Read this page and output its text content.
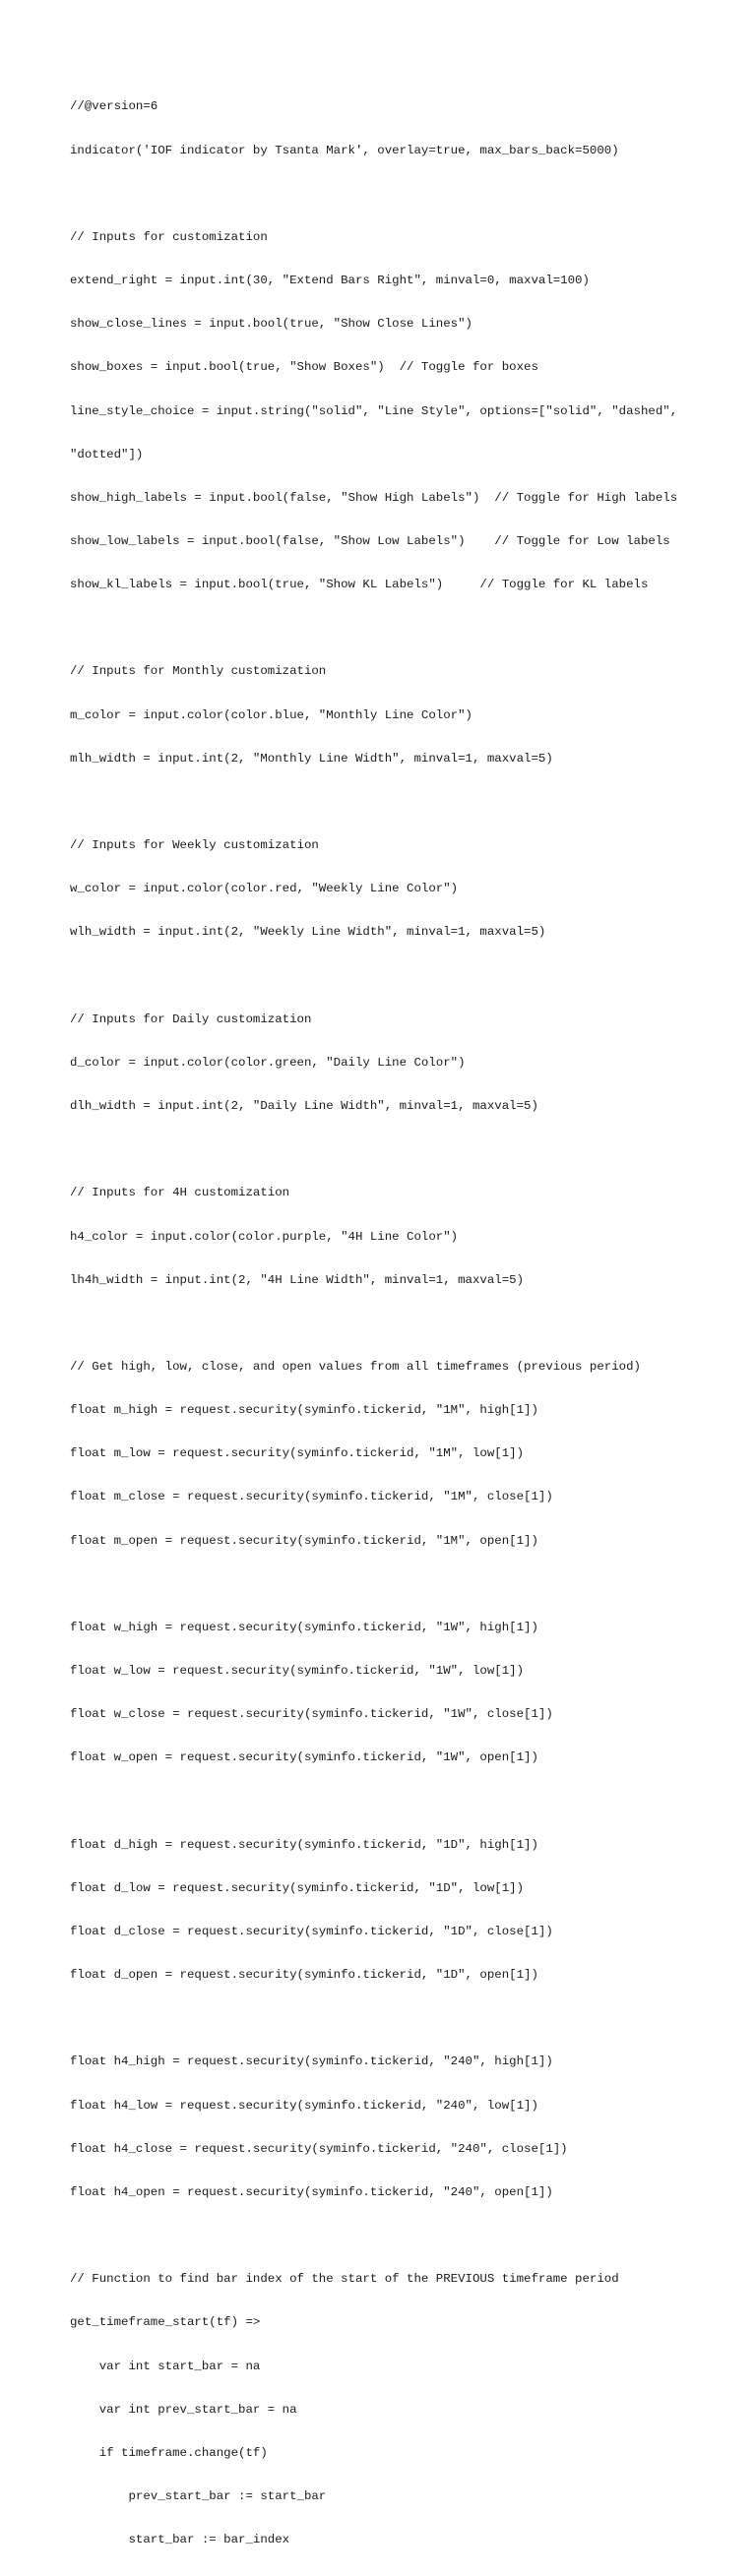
//@version=6

indicator('IOF indicator by Tsanta Mark', overlay=true, max_bars_back=5000)

// Inputs for customization

extend_right = input.int(30, "Extend Bars Right", minval=0, maxval=100)

show_close_lines = input.bool(true, "Show Close Lines")

show_boxes = input.bool(true, "Show Boxes")  // Toggle for boxes

line_style_choice = input.string("solid", "Line Style", options=["solid", "dashed",

"dotted"])

show_high_labels = input.bool(false, "Show High Labels")  // Toggle for High labels

show_low_labels = input.bool(false, "Show Low Labels")    // Toggle for Low labels

show_kl_labels = input.bool(true, "Show KL Labels")     // Toggle for KL labels

// Inputs for Monthly customization

m_color = input.color(color.blue, "Monthly Line Color")

mlh_width = input.int(2, "Monthly Line Width", minval=1, maxval=5)

// Inputs for Weekly customization

w_color = input.color(color.red, "Weekly Line Color")

wlh_width = input.int(2, "Weekly Line Width", minval=1, maxval=5)

// Inputs for Daily customization

d_color = input.color(color.green, "Daily Line Color")

dlh_width = input.int(2, "Daily Line Width", minval=1, maxval=5)

// Inputs for 4H customization

h4_color = input.color(color.purple, "4H Line Color")

lh4h_width = input.int(2, "4H Line Width", minval=1, maxval=5)

// Get high, low, close, and open values from all timeframes (previous period)

float m_high = request.security(syminfo.tickerid, "1M", high[1])

float m_low = request.security(syminfo.tickerid, "1M", low[1])

float m_close = request.security(syminfo.tickerid, "1M", close[1])

float m_open = request.security(syminfo.tickerid, "1M", open[1])

float w_high = request.security(syminfo.tickerid, "1W", high[1])

float w_low = request.security(syminfo.tickerid, "1W", low[1])

float w_close = request.security(syminfo.tickerid, "1W", close[1])

float w_open = request.security(syminfo.tickerid, "1W", open[1])

float d_high = request.security(syminfo.tickerid, "1D", high[1])

float d_low = request.security(syminfo.tickerid, "1D", low[1])

float d_close = request.security(syminfo.tickerid, "1D", close[1])

float d_open = request.security(syminfo.tickerid, "1D", open[1])

float h4_high = request.security(syminfo.tickerid, "240", high[1])

float h4_low = request.security(syminfo.tickerid, "240", low[1])

float h4_close = request.security(syminfo.tickerid, "240", close[1])

float h4_open = request.security(syminfo.tickerid, "240", open[1])

// Function to find bar index of the start of the PREVIOUS timeframe period

get_timeframe_start(tf) =>

var int start_bar = na

var int prev_start_bar = na

if timeframe.change(tf)

prev_start_bar := start_bar

start_bar := bar_index
